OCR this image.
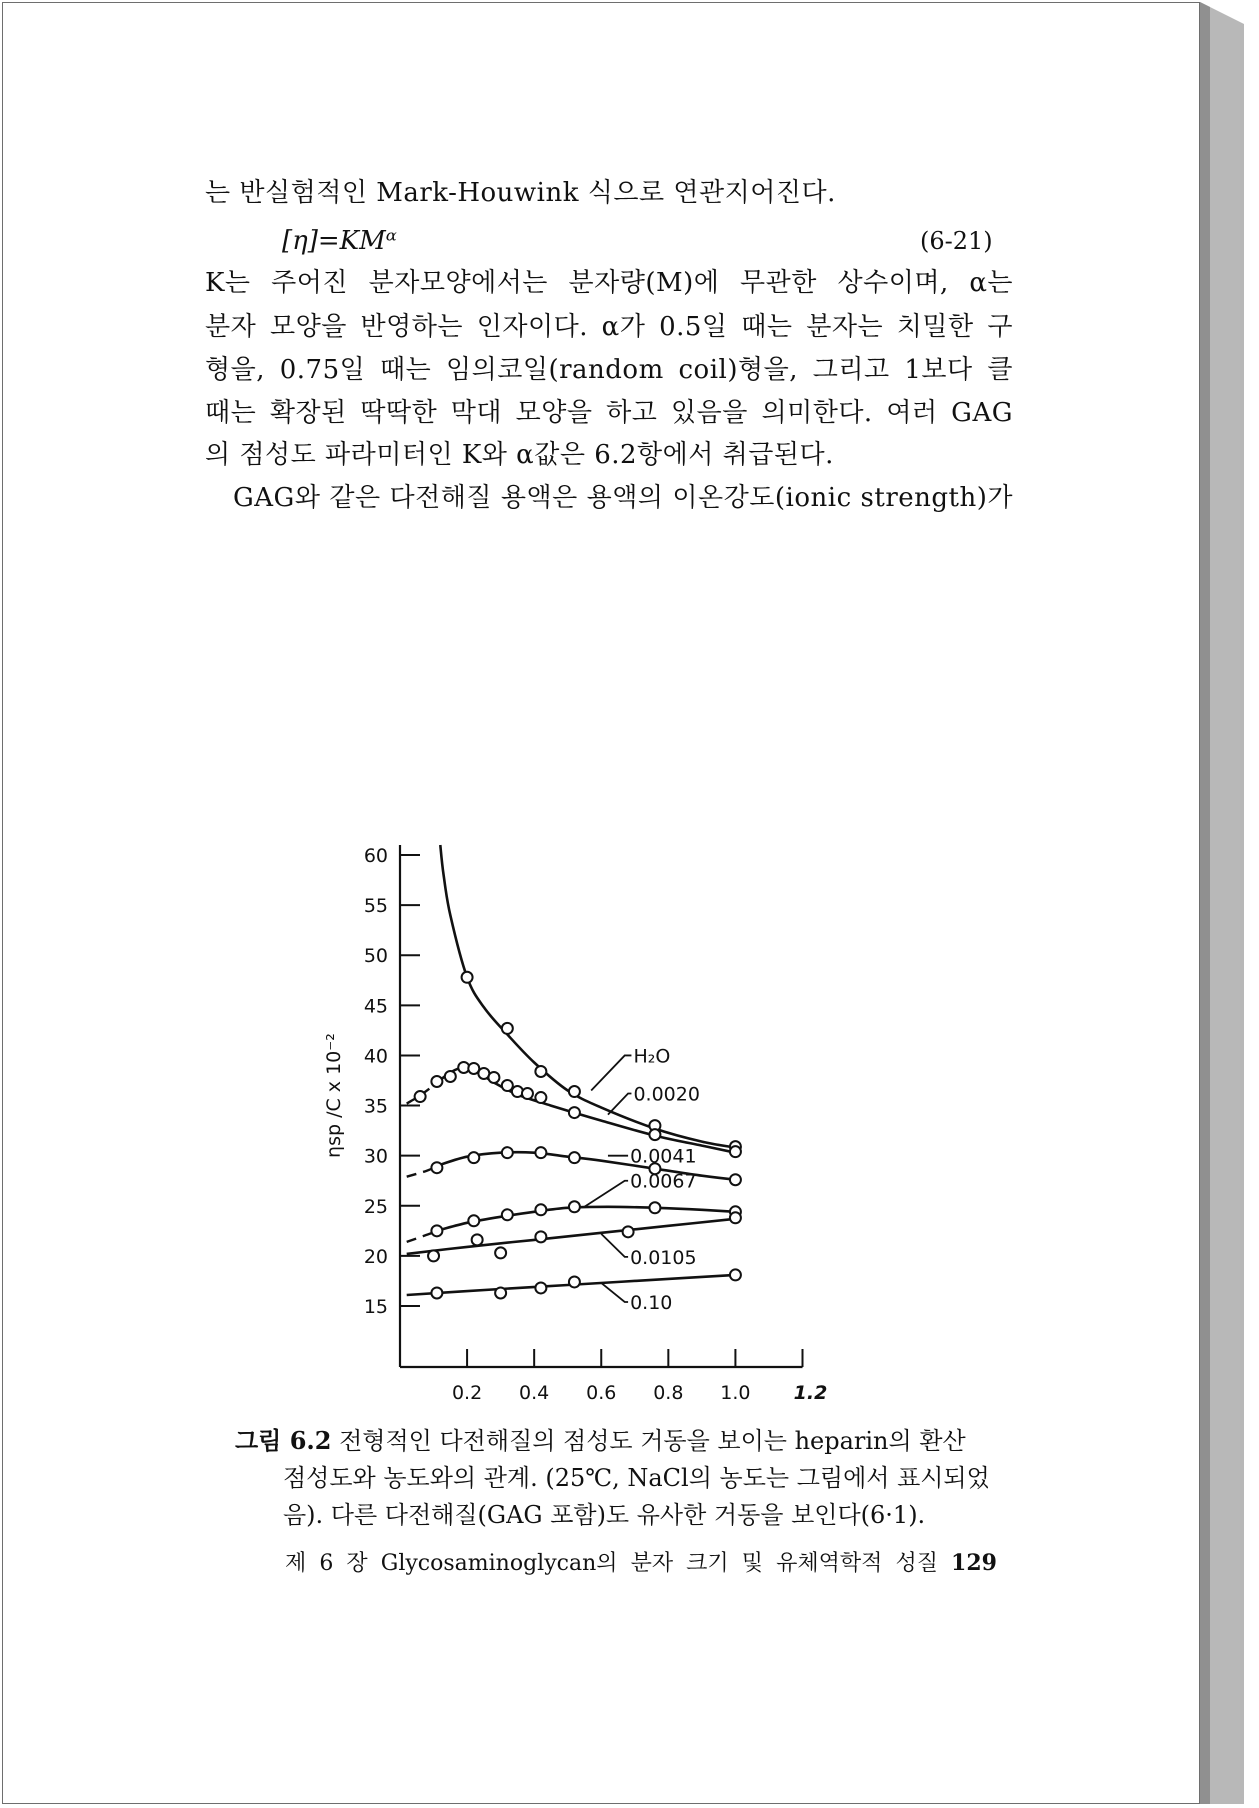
는 반실험적인 Mark-Houwink 식으로 연관지어진다.
[η]=KMᵅ	(6-21)
K는 주어진 분자모양에서는 분자량(M)에 무관한 상수이며, α는
분자 모양을 반영하는 인자이다. α가 0.5일 때는 분자는 치밀한 구
형을, 0.75일 때는 임의코일(random coil)형을, 그리고 1보다 클
때는 확장된 딱딱한 막대 모양을 하고 있음을 의미한다. 여러 GAG
의 점성도 파라미터인 K와 α값은 6.2항에서 취급된다.
GAG와 같은 다전해질 용액은 용액의 이온강도(ionic strength)가
15
20
25
30
35
40
45
50
55
60
0.2 0.4 0.6 0.8 1.0 1.2
ηsp /C x 10⁻²	H₂O
0.0020
0.0041
0.0067
0.0105
0.10
그림 6.2 전형적인 다전해질의 점성도 거동을 보이는 heparin의 환산
점성도와 농도와의 관계. (25℃, NaCl의 농도는 그림에서 표시되었
음). 다른 다전해질(GAG 포함)도 유사한 거동을 보인다(6·1).
제 6 장 Glycosaminoglycan의 분자 크기 및 유체역학적 성질 129
